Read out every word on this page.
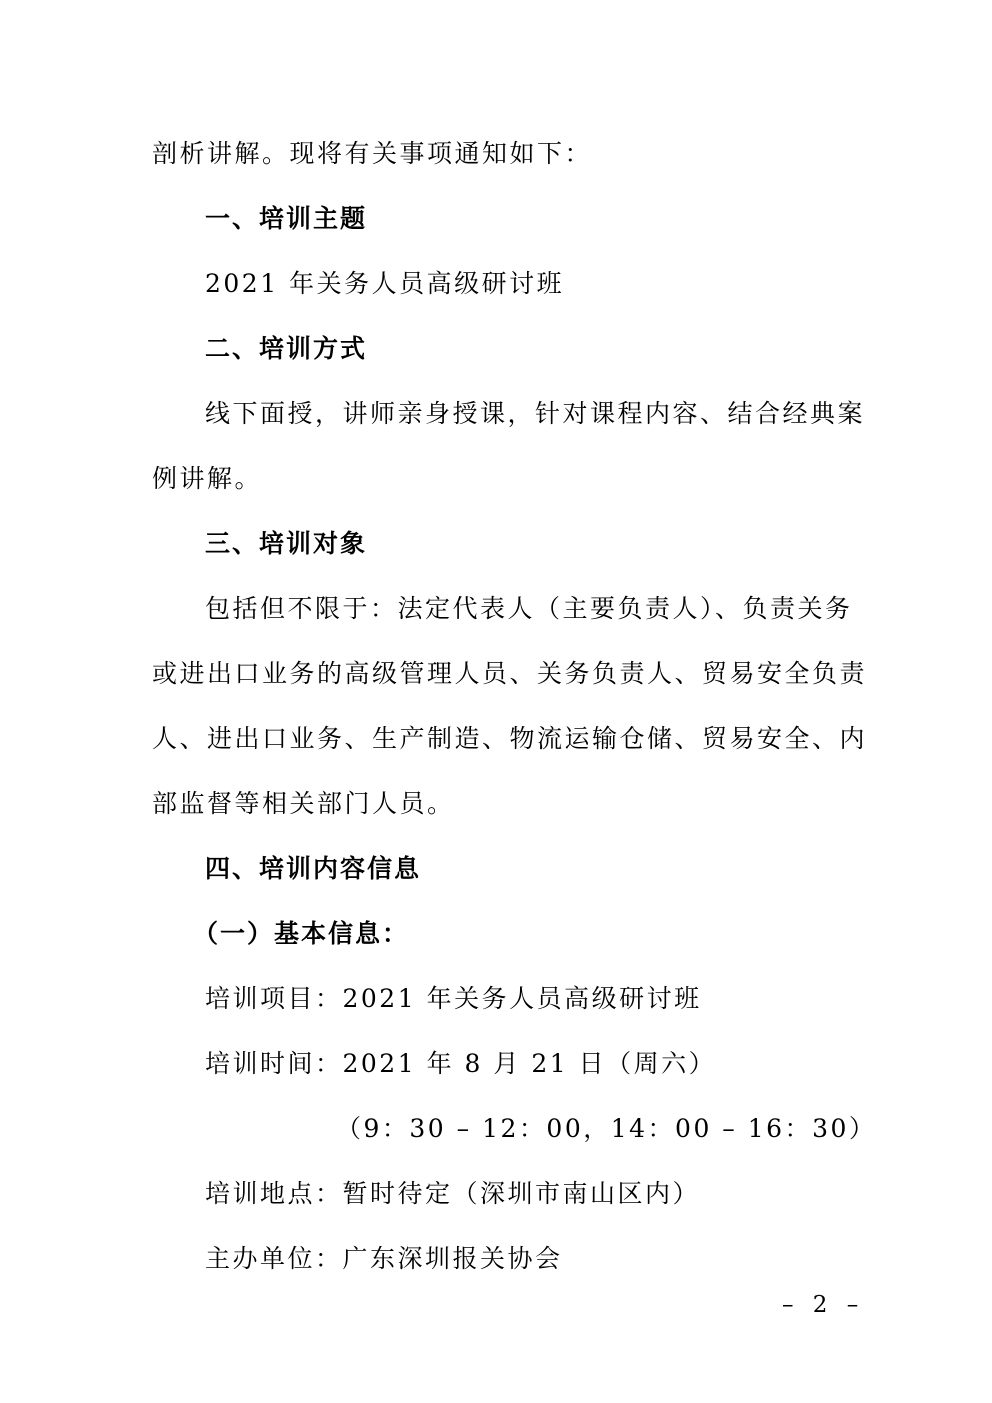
剖析讲解。现将有关事项通知如下：
一、培训主题
2021 年关务人员高级研讨班
二、培训方式
线下面授，讲师亲身授课，针对课程内容、结合经典案
例讲解。
三、培训对象
包括但不限于：法定代表人（主要负责人）、负责关务
或进出口业务的高级管理人员、关务负责人、贸易安全负责
人、进出口业务、生产制造、物流运输仓储、贸易安全、内
部监督等相关部门人员。
四、培训内容信息
（一）基本信息：
培训项目：2021 年关务人员高级研讨班
培训时间：2021 年 8 月 21 日（周六）
（9：30 – 12：00，14：00 – 16：30）
培训地点：暂时待定（深圳市南山区内）
主办单位：广东深圳报关协会
– 2 –
